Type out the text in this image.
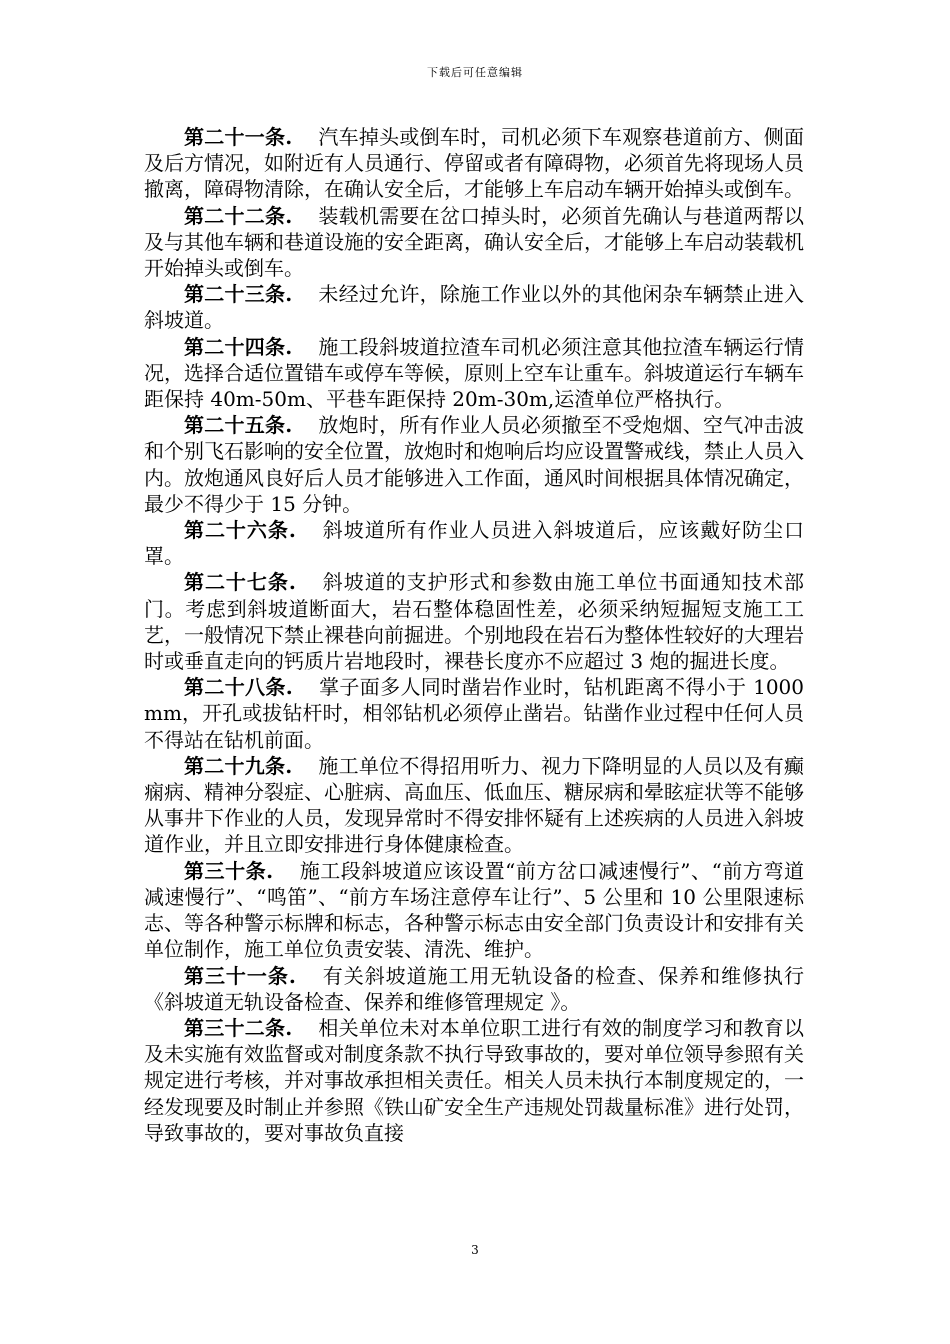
下载后可任意编辑

第二十一条. 汽车掉头或倒车时，司机必须下车观察巷道前方、侧面及后方情况，如附近有人员通行、停留或者有障碍物，必须首先将现场人员撤离，障碍物清除，在确认安全后，才能够上车启动车辆开始掉头或倒车。

第二十二条. 装载机需要在岔口掉头时，必须首先确认与巷道两帮以及与其他车辆和巷道设施的安全距离，确认安全后，才能够上车启动装载机开始掉头或倒车。

第二十三条. 未经过允许，除施工作业以外的其他闲杂车辆禁止进入斜坡道。

第二十四条. 施工段斜坡道拉渣车司机必须注意其他拉渣车辆运行情况，选择合适位置错车或停车等候，原则上空车让重车。斜坡道运行车辆车距保持 40m-50m、平巷车距保持 20m-30m,运渣单位严格执行。

第二十五条. 放炮时，所有作业人员必须撤至不受炮烟、空气冲击波和个别飞石影响的安全位置，放炮时和炮响后均应设置警戒线，禁止人员入内。放炮通风良好后人员才能够进入工作面，通风时间根据具体情况确定，最少不得少于 15 分钟。

第二十六条. 斜坡道所有作业人员进入斜坡道后，应该戴好防尘口罩。

第二十七条. 斜坡道的支护形式和参数由施工单位书面通知技术部门。考虑到斜坡道断面大，岩石整体稳固性差，必须采纳短掘短支施工工艺，一般情况下禁止裸巷向前掘进。个别地段在岩石为整体性较好的大理岩时或垂直走向的钙质片岩地段时，裸巷长度亦不应超过 3 炮的掘进长度。

第二十八条. 掌子面多人同时凿岩作业时，钻机距离不得小于 1000mm，开孔或拔钻杆时，相邻钻机必须停止凿岩。钻凿作业过程中任何人员不得站在钻机前面。

第二十九条. 施工单位不得招用听力、视力下降明显的人员以及有癫痫病、精神分裂症、心脏病、高血压、低血压、糖尿病和晕眩症状等不能够从事井下作业的人员，发现异常时不得安排怀疑有上述疾病的人员进入斜坡道作业，并且立即安排进行身体健康检查。

第三十条. 施工段斜坡道应该设置“前方岔口减速慢行”、“前方弯道减速慢行”、“鸣笛”、“前方车场注意停车让行”、5 公里和 10 公里限速标志、等各种警示标牌和标志，各种警示标志由安全部门负责设计和安排有关单位制作，施工单位负责安装、清洗、维护。

第三十一条. 有关斜坡道施工用无轨设备的检查、保养和维修执行《斜坡道无轨设备检查、保养和维修管理规定 》。

第三十二条. 相关单位未对本单位职工进行有效的制度学习和教育以及未实施有效监督或对制度条款不执行导致事故的，要对单位领导参照有关规定进行考核，并对事故承担相关责任。相关人员未执行本制度规定的，一经发现要及时制止并参照《铁山矿安全生产违规处罚裁量标准》进行处罚，导致事故的，要对事故负直接

3
